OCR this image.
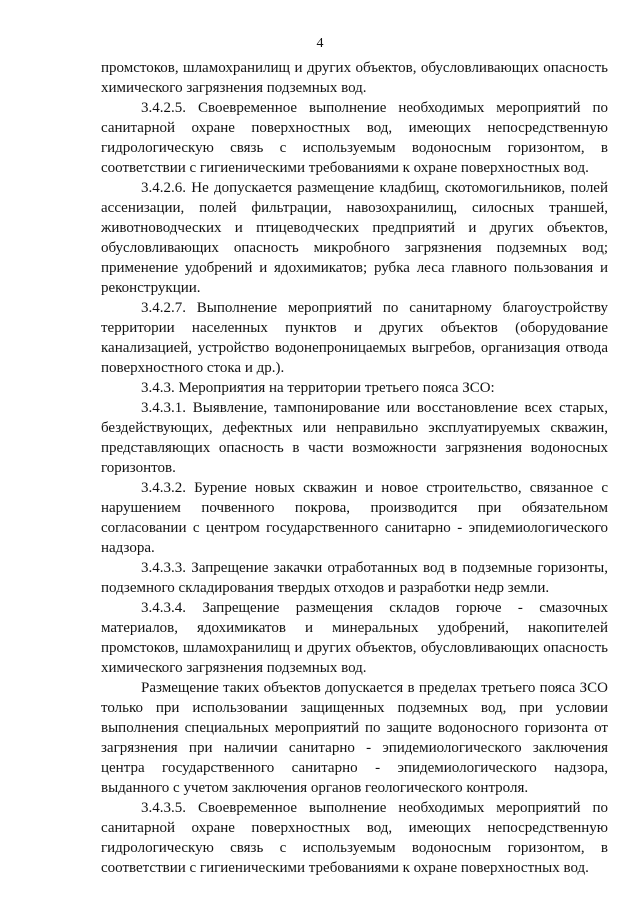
4

промстоков, шламохранилищ и других объектов, обусловливающих опасность химического загрязнения подземных вод.

3.4.2.5. Своевременное выполнение необходимых мероприятий по санитарной охране поверхностных вод, имеющих непосредственную гидрологическую связь с используемым водоносным горизонтом, в соответствии с гигиеническими требованиями к охране поверхностных вод.

3.4.2.6. Не допускается размещение кладбищ, скотомогильников, полей ассенизации, полей фильтрации, навозохранилищ, силосных траншей, животноводческих и птицеводческих предприятий и других объектов, обусловливающих опасность микробного загрязнения подземных вод; применение удобрений и ядохимикатов; рубка леса главного пользования и реконструкции.

3.4.2.7. Выполнение мероприятий по санитарному благоустройству территории населенных пунктов и других объектов (оборудование канализацией, устройство водонепроницаемых выгребов, организация отвода поверхностного стока и др.).

3.4.3. Мероприятия на территории третьего пояса ЗСО:

3.4.3.1. Выявление, тампонирование или восстановление всех старых, бездействующих, дефектных или неправильно эксплуатируемых скважин, представляющих опасность в части возможности загрязнения водоносных горизонтов.

3.4.3.2. Бурение новых скважин и новое строительство, связанное с нарушением почвенного покрова, производится при обязательном согласовании с центром государственного санитарно - эпидемиологического надзора.

3.4.3.3. Запрещение закачки отработанных вод в подземные горизонты, подземного складирования твердых отходов и разработки недр земли.

3.4.3.4. Запрещение размещения складов горюче - смазочных материалов, ядохимикатов и минеральных удобрений, накопителей промстоков, шламохранилищ и других объектов, обусловливающих опасность химического загрязнения подземных вод.

Размещение таких объектов допускается в пределах третьего пояса ЗСО только при использовании защищенных подземных вод, при условии выполнения специальных мероприятий по защите водоносного горизонта от загрязнения при наличии санитарно - эпидемиологического заключения центра государственного санитарно - эпидемиологического надзора, выданного с учетом заключения органов геологического контроля.

3.4.3.5. Своевременное выполнение необходимых мероприятий по санитарной охране поверхностных вод, имеющих непосредственную гидрологическую связь с используемым водоносным горизонтом, в соответствии с гигиеническими требованиями к охране поверхностных вод.
